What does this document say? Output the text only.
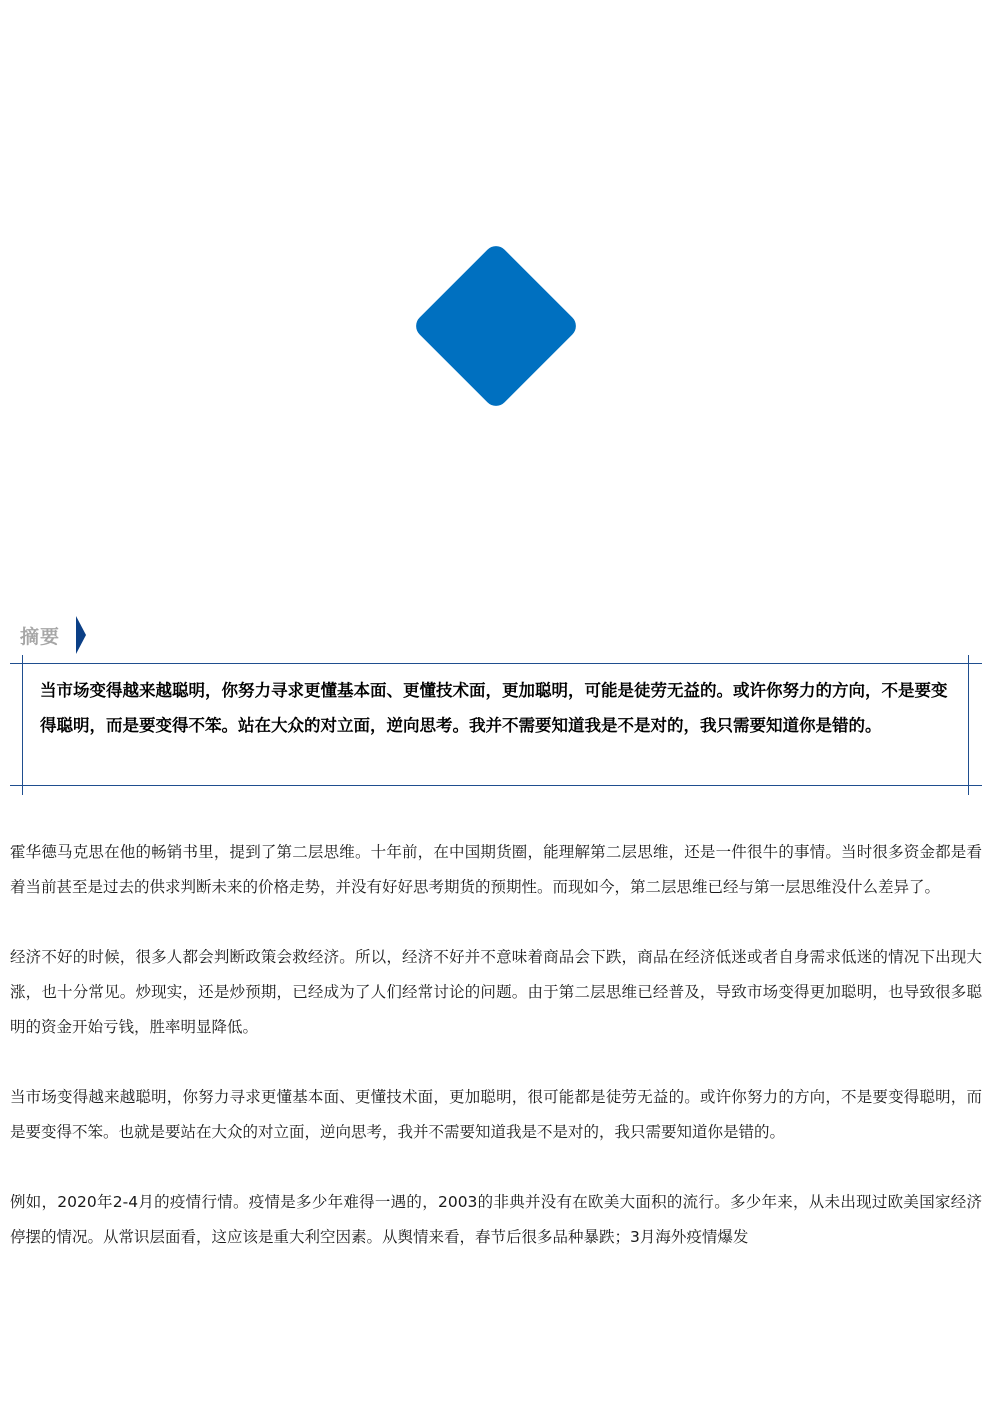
摘要
当市场变得越来越聪明，你努力寻求更懂基本面、更懂技术面，更加聪明，可能是徒劳无益的。或许你努力的方向，不是要变得聪明，而是要变得不笨。站在大众的对立面，逆向思考。我并不需要知道我是不是对的，我只需要知道你是错的。

霍华德马克思在他的畅销书里，提到了第二层思维。十年前，在中国期货圈，能理解第二层思维，还是一件很牛的事情。当时很多资金都是看着当前甚至是过去的供求判断未来的价格走势，并没有好好思考期货的预期性。而现如今，第二层思维已经与第一层思维没什么差异了。

经济不好的时候，很多人都会判断政策会救经济。所以，经济不好并不意味着商品会下跌，商品在经济低迷或者自身需求低迷的情况下出现大涨，也十分常见。炒现实，还是炒预期，已经成为了人们经常讨论的问题。由于第二层思维已经普及，导致市场变得更加聪明，也导致很多聪明的资金开始亏钱，胜率明显降低。

当市场变得越来越聪明，你努力寻求更懂基本面、更懂技术面，更加聪明，很可能都是徒劳无益的。或许你努力的方向，不是要变得聪明，而是要变得不笨。也就是要站在大众的对立面，逆向思考，我并不需要知道我是不是对的，我只需要知道你是错的。

例如，2020年2-4月的疫情行情。疫情是多少年难得一遇的，2003的非典并没有在欧美大面积的流行。多少年来，从未出现过欧美国家经济停摆的情况。从常识层面看，这应该是重大利空因素。从舆情来看，春节后很多品种暴跌；3月海外疫情爆发
